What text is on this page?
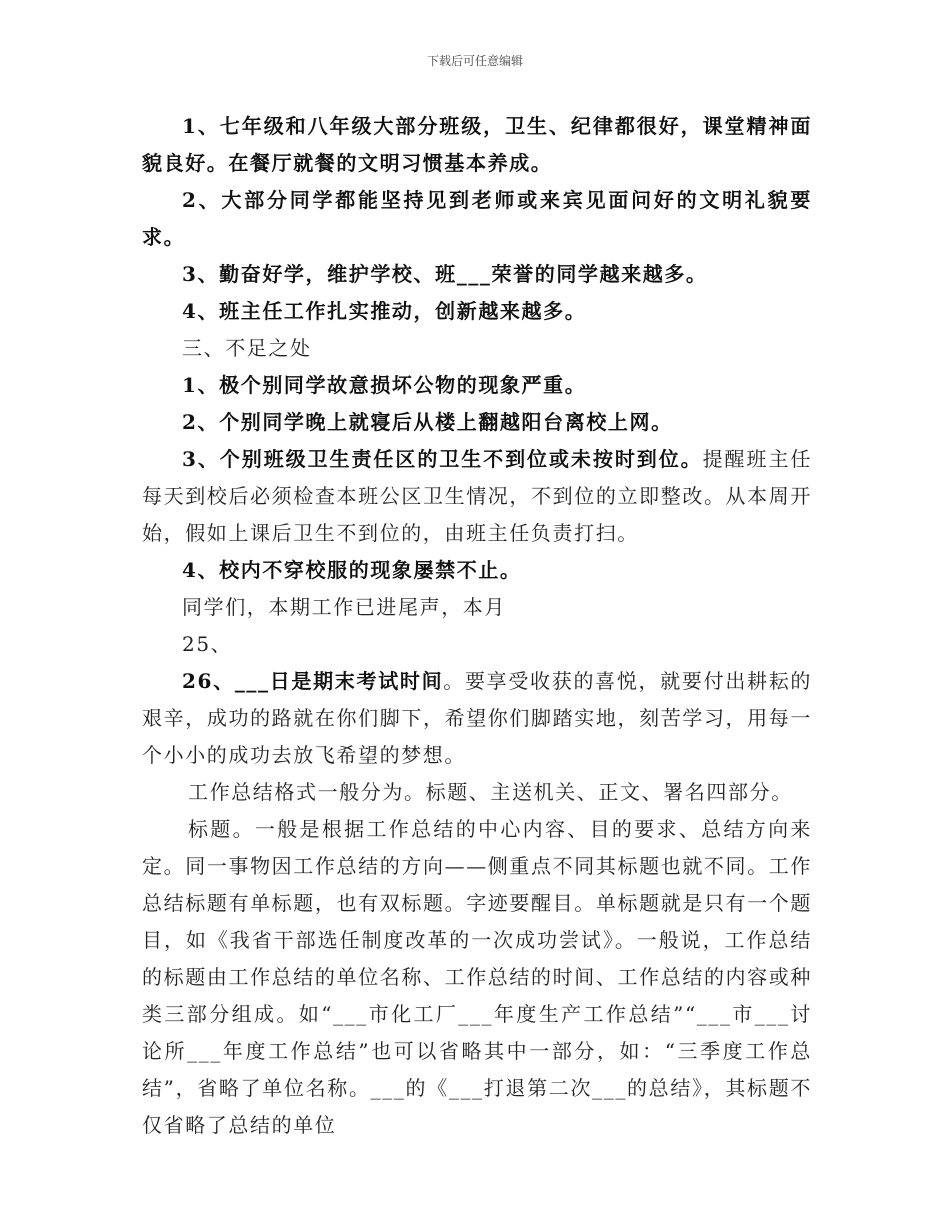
下载后可任意编辑

1、七年级和八年级大部分班级，卫生、纪律都很好，课堂精神面貌良好。在餐厅就餐的文明习惯基本养成。

2、大部分同学都能坚持见到老师或来宾见面问好的文明礼貌要求。

3、勤奋好学，维护学校、班___荣誉的同学越来越多。

4、班主任工作扎实推动，创新越来越多。

三、不足之处

1、极个别同学故意损坏公物的现象严重。

2、个别同学晚上就寝后从楼上翻越阳台离校上网。

3、个别班级卫生责任区的卫生不到位或未按时到位。提醒班主任每天到校后必须检查本班公区卫生情况，不到位的立即整改。从本周开始，假如上课后卫生不到位的，由班主任负责打扫。

4、校内不穿校服的现象屡禁不止。

同学们，本期工作已进尾声，本月

25、

26、___日是期末考试时间。要享受收获的喜悦，就要付出耕耘的艰辛，成功的路就在你们脚下，希望你们脚踏实地，刻苦学习，用每一个小小的成功去放飞希望的梦想。

工作总结格式一般分为。标题、主送机关、正文、署名四部分。

标题。一般是根据工作总结的中心内容、目的要求、总结方向来定。同一事物因工作总结的方向——侧重点不同其标题也就不同。工作总结标题有单标题，也有双标题。字迹要醒目。单标题就是只有一个题目，如《我省干部选任制度改革的一次成功尝试》。一般说，工作总结的标题由工作总结的单位名称、工作总结的时间、工作总结的内容或种类三部分组成。如“___市化工厂___年度生产工作总结”“___市___讨论所___年度工作总结”也可以省略其中一部分，如：“三季度工作总结”，省略了单位名称。___的《___打退第二次___的总结》，其标题不仅省略了总结的单位
